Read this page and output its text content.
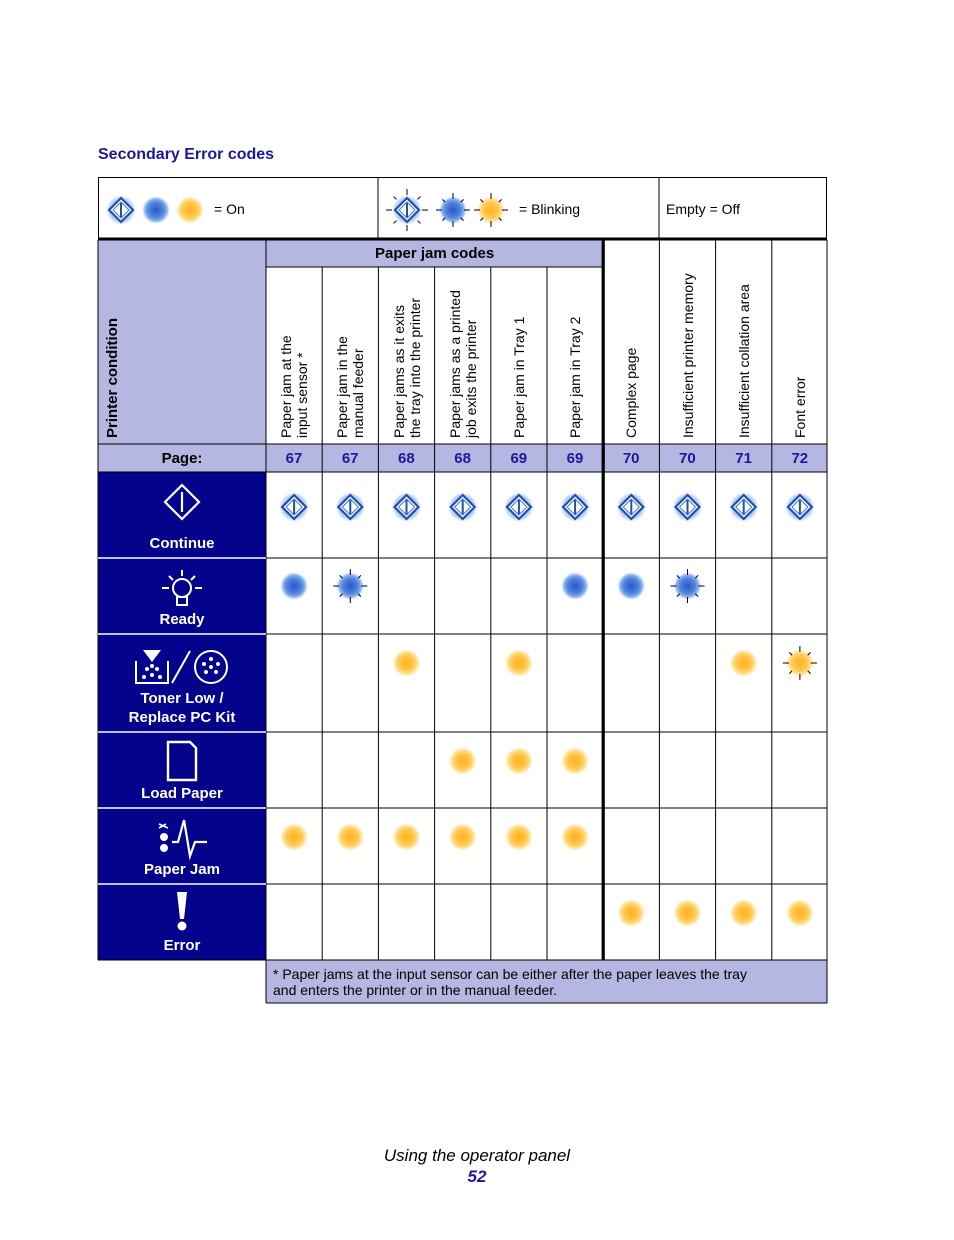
Secondary Error codes
= On	= Blinking	Empty = Off
Printer condition
Paper jam codes
Paper jam at the input sensor *
67
Paper jam in the manual feeder
67
Paper jams as it exits the tray into the printer
68
Paper jams as a printed job exits the printer
68
Paper jam in Tray 1
69
Paper jam in Tray 2
69
Complex page
70
Insufficient printer memory
70
Insufficient collation area
71
Font error
72
Page:
Continue
Ready
Toner Low /
Replace PC Kit
Load Paper
Paper Jam
Error
* Paper jams at the input sensor can be either after the paper leaves the tray
and enters the printer or in the manual feeder.
Using the operator panel
52
